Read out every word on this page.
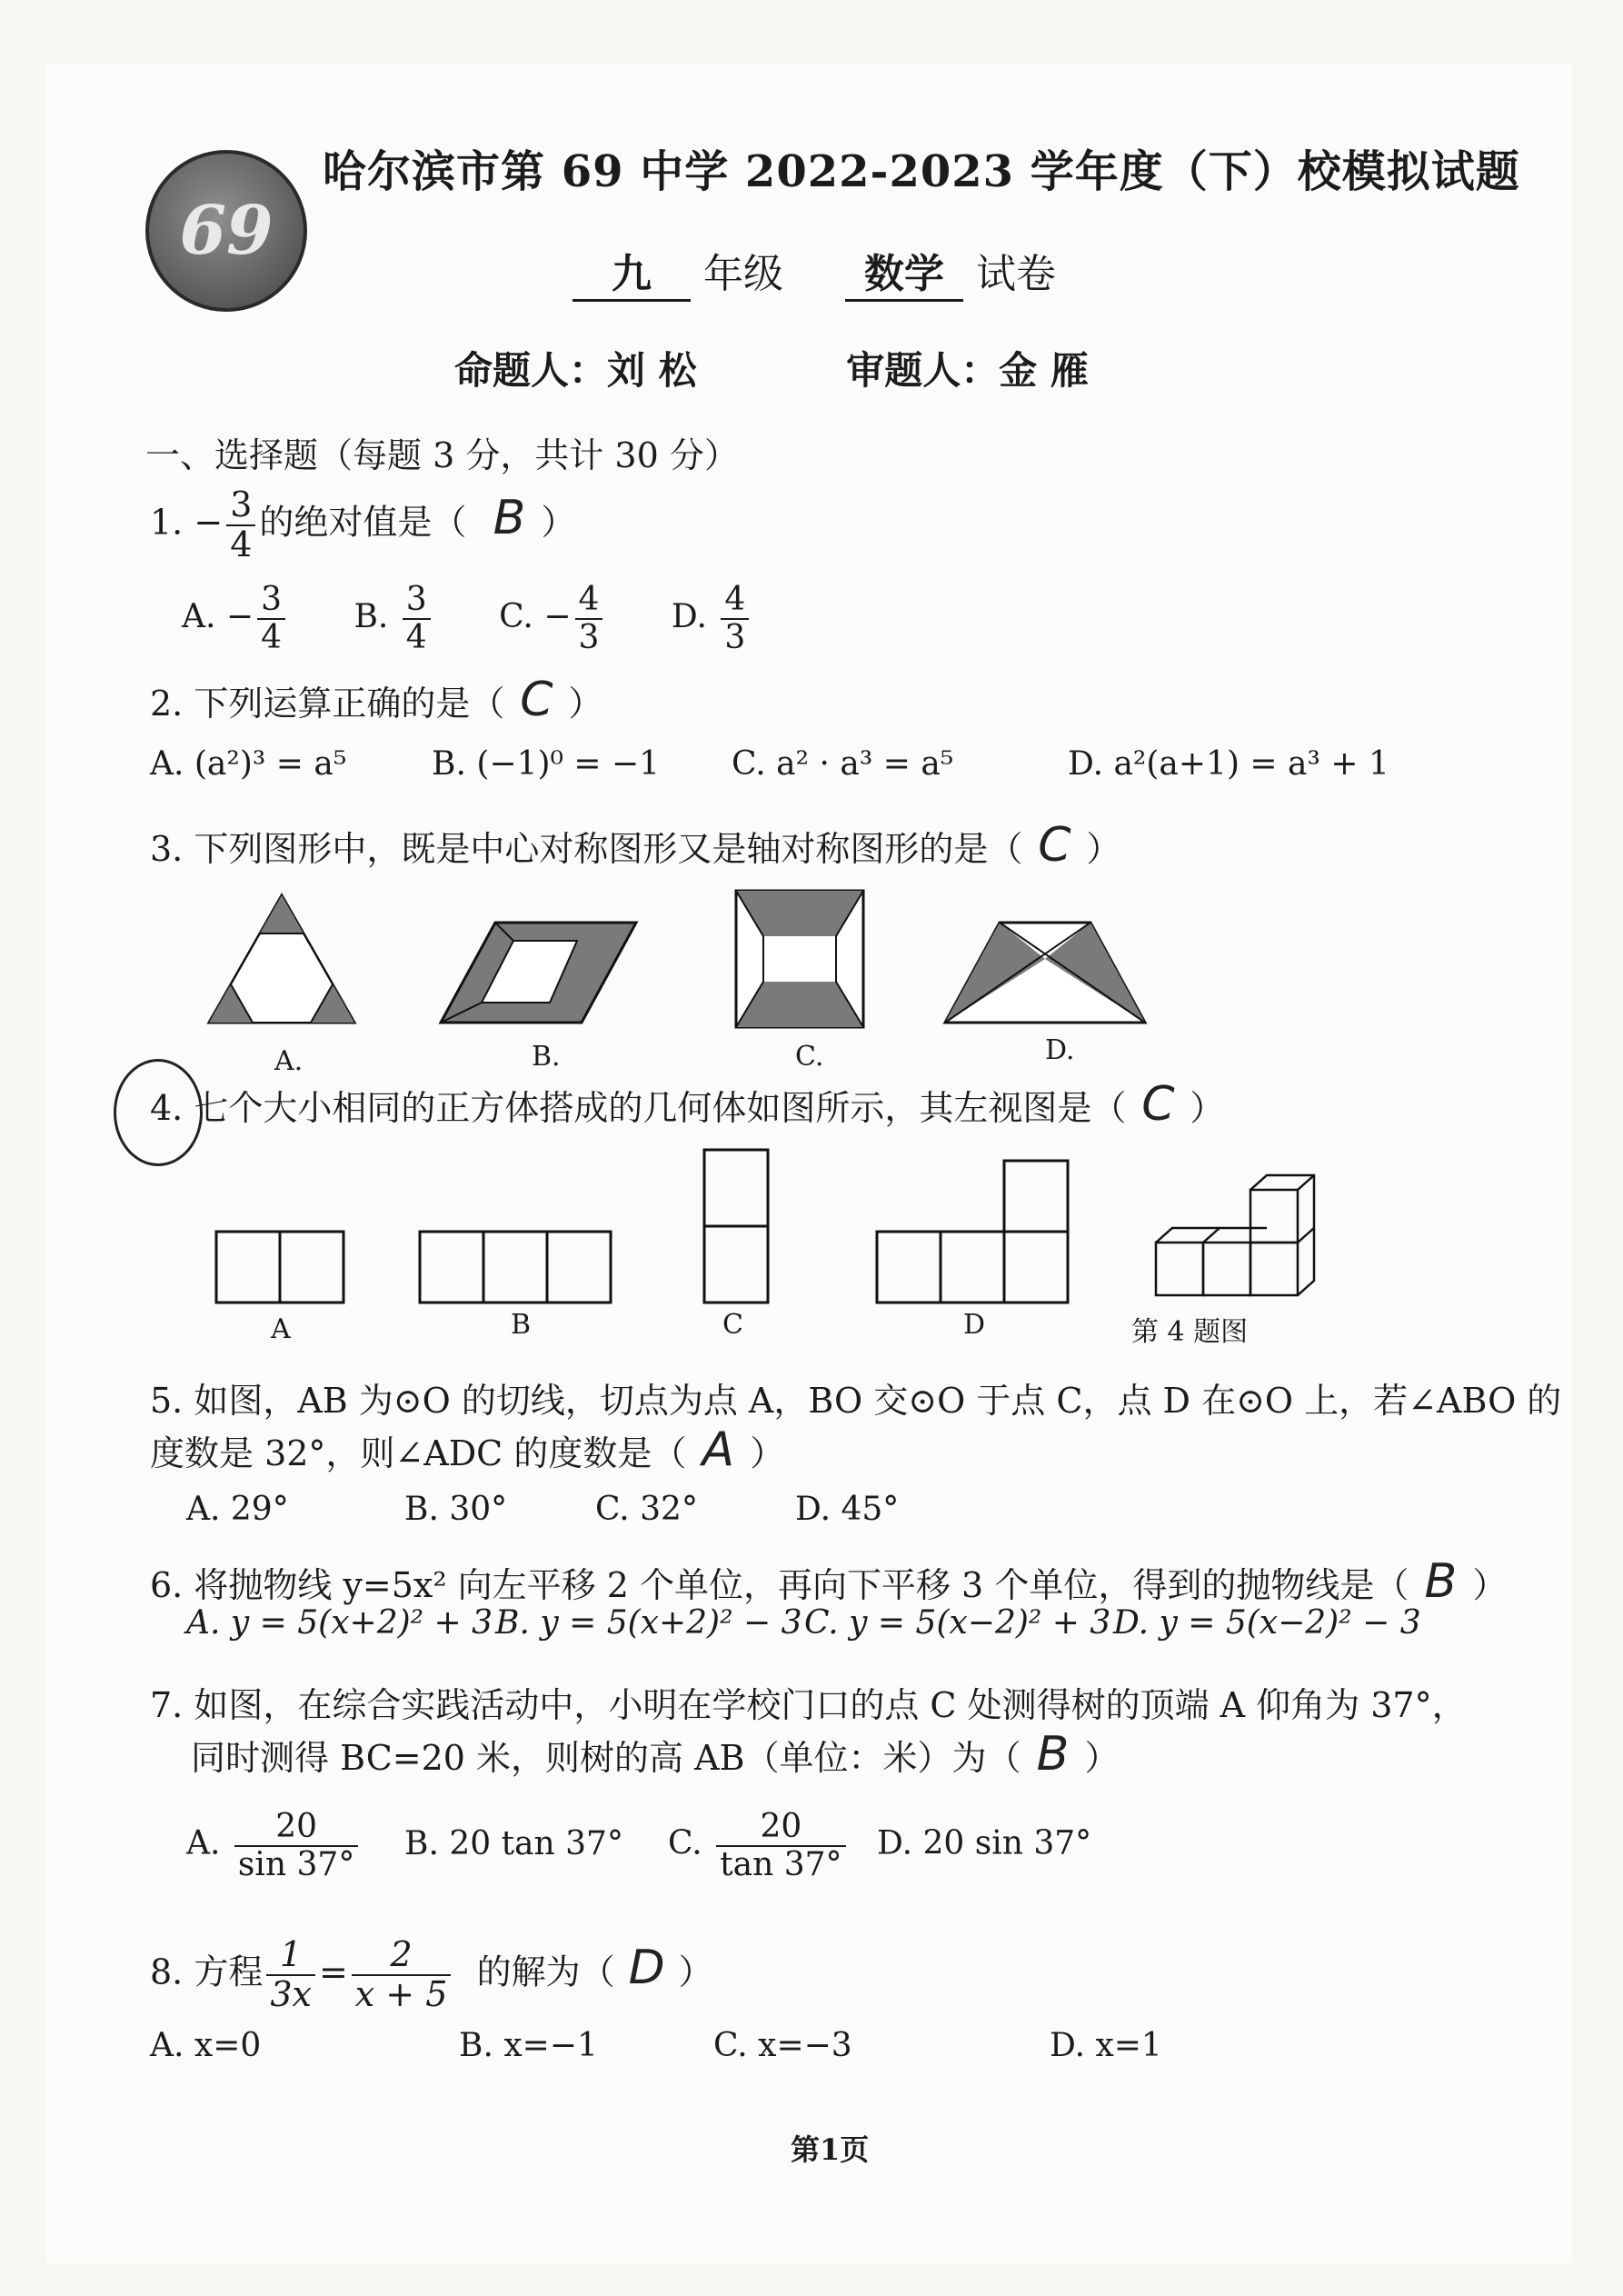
69
哈尔滨市第 69 中学 2022-2023 学年度（下）校模拟试题
九 年级 数学 试卷
命题人：刘 松	审题人：金 雁
一、选择题（每题 3 分，共计 30 分）
1. − $\frac{3}{4}$ 的绝对值是（ B ）
A. − $\frac{3}{4} B$. $\frac{3}{4} C$. − $\frac{4}{3} D$. $\frac{4}{3}$
2. 下列运算正确的是（ C ）
A. (a²)³ = a⁵	B. (−1)⁰ = −1 C. a² · a³ = a⁵	D. a²(a+1) = a³ + 1
3. 下列图形中，既是中心对称图形又是轴对称图形的是（ C ）
A.	B.	C.	D.
4. 七个大小相同的正方体搭成的几何体如图所示，其左视图是（ C ）
A	B	C	D	第 4 题图
5. 如图，AB 为⊙O 的切线，切点为点 A，BO 交⊙O 于点 C，点 D 在⊙O 上，若∠ABO 的
度数是 32°，则∠ADC 的度数是（ A ）
A. 29°	B. 30°	C. 32°	D. 45°
6. 将抛物线 y=5x² 向左平移 2 个单位，再向下平移 3 个单位，得到的抛物线是（ B ）
A. y = 5(x+2)² + 3B. y = 5(x+2)² − 3C. y = 5(x−2)² + 3D. y = 5(x−2)² − 3
7. 如图，在综合实践活动中，小明在学校门口的点 C 处测得树的顶端 A 仰角为 37°，
同时测得 BC=20 米，则树的高 AB（单位：米）为（ B ）
A. $\frac{20}{\sin 37^\circ} B$. 20 tan 37° C. $\frac{20}{\tan 37^\circ} D$. 20 sin 37°
8. 方程 $\frac{1}{3x} = \frac{2}{x + 5}$ 的解为（ D ）
A. x=0	B. x=−1	C. x=−3	D. x=1
第1页
